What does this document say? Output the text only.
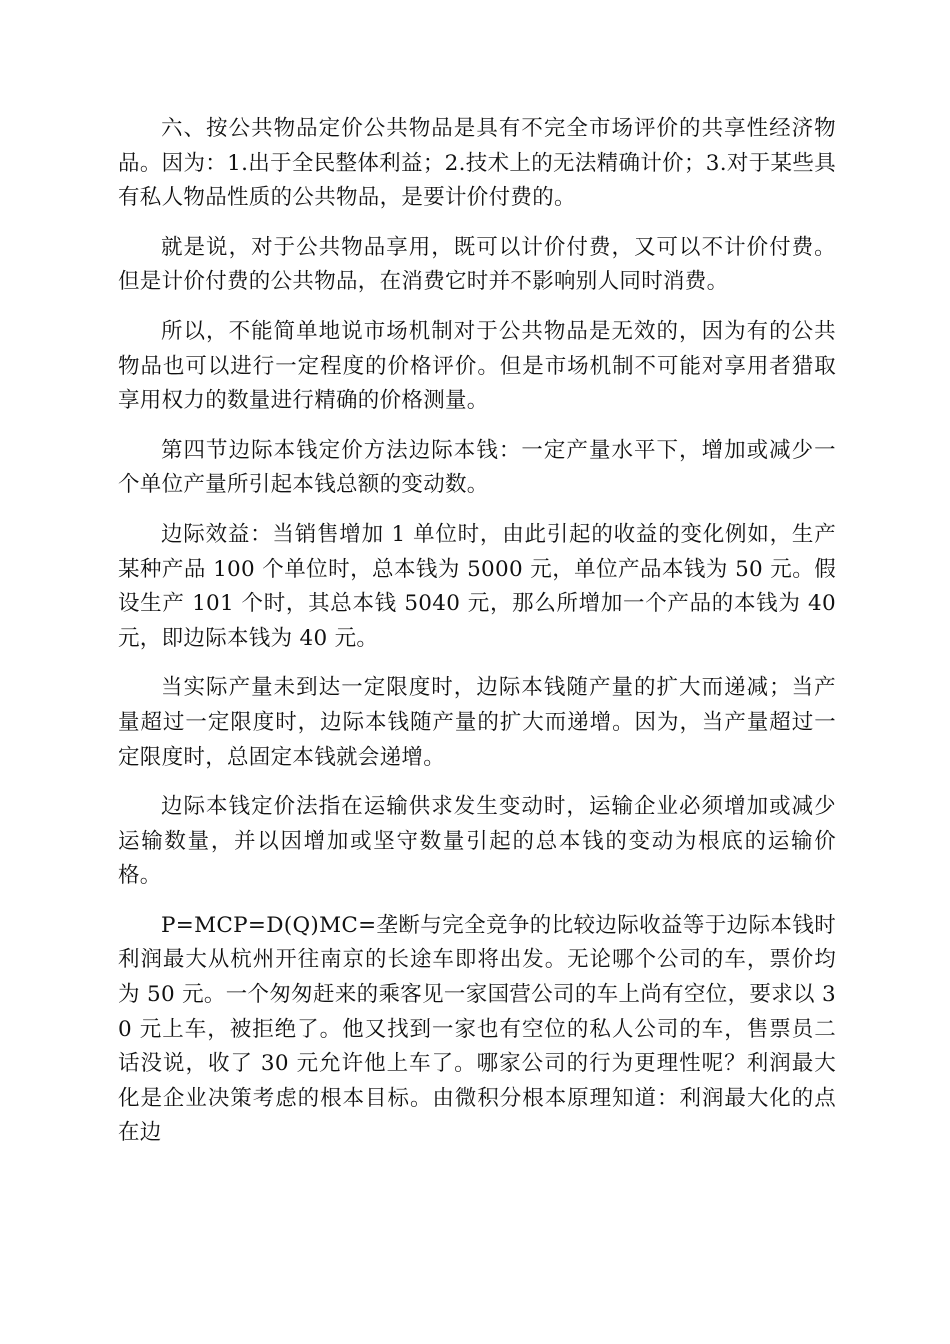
六、按公共物品定价公共物品是具有不完全市场评价的共享性经济物品。因为：1.出于全民整体利益；2.技术上的无法精确计价；3.对于某些具有私人物品性质的公共物品，是要计价付费的。

就是说，对于公共物品享用，既可以计价付费，又可以不计价付费。但是计价付费的公共物品，在消费它时并不影响别人同时消费。

所以，不能简单地说市场机制对于公共物品是无效的，因为有的公共物品也可以进行一定程度的价格评价。但是市场机制不可能对享用者猎取享用权力的数量进行精确的价格测量。

第四节边际本钱定价方法边际本钱：一定产量水平下，增加或减少一个单位产量所引起本钱总额的变动数。

边际效益：当销售增加 1 单位时，由此引起的收益的变化例如，生产某种产品 100 个单位时，总本钱为 5000 元，单位产品本钱为 50 元。假设生产 101 个时，其总本钱 5040 元，那么所增加一个产品的本钱为 40 元，即边际本钱为 40 元。

当实际产量未到达一定限度时，边际本钱随产量的扩大而递减；当产量超过一定限度时，边际本钱随产量的扩大而递增。因为，当产量超过一定限度时，总固定本钱就会递增。

边际本钱定价法指在运输供求发生变动时，运输企业必须增加或减少运输数量，并以因增加或坚守数量引起的总本钱的变动为根底的运输价格。

P=MCP=D(Q)MC=垄断与完全竞争的比较边际收益等于边际本钱时利润最大从杭州开往南京的长途车即将出发。无论哪个公司的车，票价均为 50 元。一个匆匆赶来的乘客见一家国营公司的车上尚有空位，要求以 30 元上车，被拒绝了。他又找到一家也有空位的私人公司的车，售票员二话没说，收了 30 元允许他上车了。哪家公司的行为更理性呢？利润最大化是企业决策考虑的根本目标。由微积分根本原理知道：利润最大化的点在边
